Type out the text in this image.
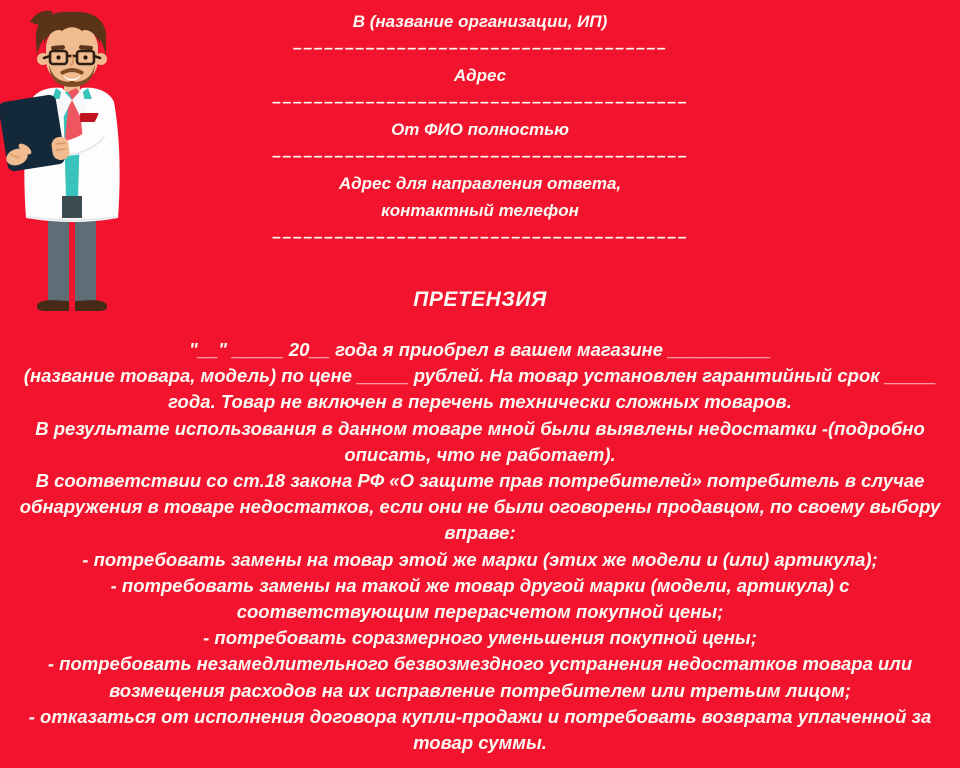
В (название организации, ИП)
––––––––––––––––––––––––––––––––––––
Адрес
––––––––––––––––––––––––––––––––––––––––
От ФИО полностью
––––––––––––––––––––––––––––––––––––––––
Адрес для направления ответа,
контактный телефон
––––––––––––––––––––––––––––––––––––––––
ПРЕТЕНЗИЯ
"__" _____ 20__ года я приобрел в вашем магазине __________
(название товара, модель) по цене _____ рублей. На товар установлен гарантийный срок _____
года. Товар не включен в перечень технически сложных товаров.
В результате использования в данном товаре мной были выявлены недостатки -(подробно
описать, что не работает).
В соответствии со ст.18 закона РФ «О защите прав потребителей» потребитель в случае
обнаружения в товаре недостатков, если они не были оговорены продавцом, по своему выбору
вправе:
- потребовать замены на товар этой же марки (этих же модели и (или) артикула);
- потребовать замены на такой же товар другой марки (модели, артикула) с
соответствующим перерасчетом покупной цены;
- потребовать соразмерного уменьшения покупной цены;
- потребовать незамедлительного безвозмездного устранения недостатков товара или
возмещения расходов на их исправление потребителем или третьим лицом;
- отказаться от исполнения договора купли-продажи и потребовать возврата уплаченной за
товар суммы.
